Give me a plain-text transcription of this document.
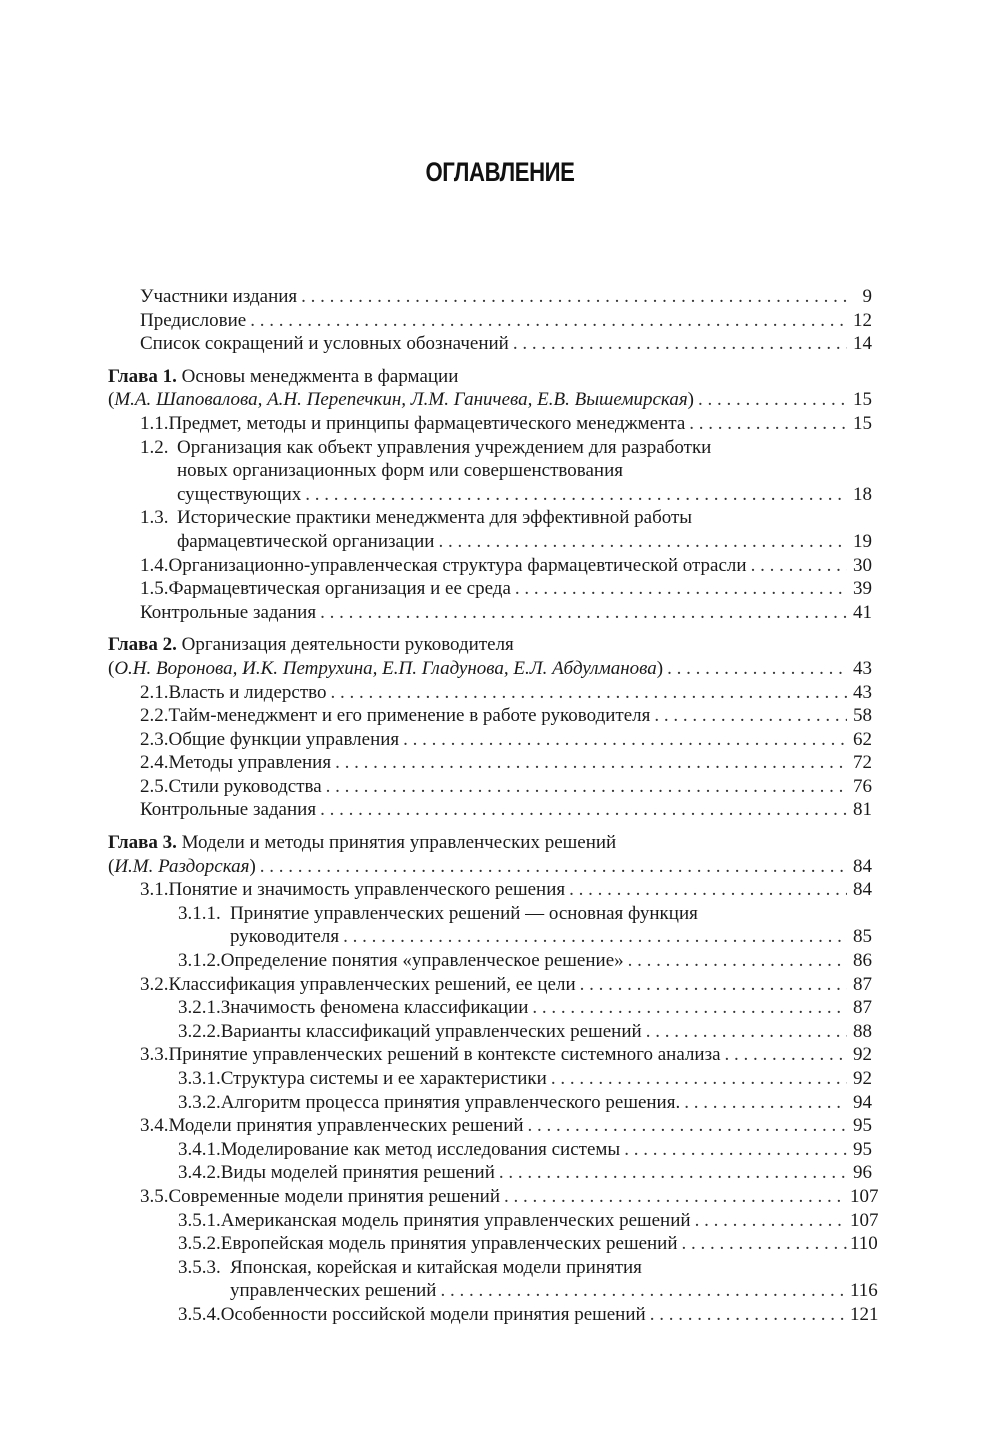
ОГЛАВЛЕНИЕ
Участники издания . . .	9
Предисловие . . .	12
Список сокращений и условных обозначений . . .	14
Глава 1.
Основы менеджмента в фармации
(М.А. Шаповалова, А.Н. Перепечкин, Л.М. Ганичева, Е.В. Вышемирская) . . .	15
1.1. Предмет, методы и принципы фармацевтического менеджмента . . .	15
1.2. Организация как объект управления учреждением для разработки
новых организационных форм или совершенствования
существующих . . .	18
1.3. Исторические практики менеджмента для эффективной работы
фармацевтической организации . . .	19
1.4. Организационно-управленческая структура фармацевтической отрасли . . .	30
1.5. Фармацевтическая организация и ее среда . . .	39
Контрольные задания . . .	41
Глава 2.
Организация деятельности руководителя
(О.Н. Воронова, И.К. Петрухина, Е.П. Гладунова, Е.Л. Абдулманова) . . .	43
2.1. Власть и лидерство . . .	43
2.2. Тайм-менеджмент и его применение в работе руководителя . . .	58
2.3. Общие функции управления . . .	62
2.4. Методы управления . . .	72
2.5. Стили руководства . . .	76
Контрольные задания . . .	81
Глава 3.
Модели и методы принятия управленческих решений
(И.М. Раздорская) . . .	84
3.1. Понятие и значимость управленческого решения . . .	84
3.1.1. Принятие управленческих решений — основная функция
руководителя . . .	85
3.1.2. Определение понятия «управленческое решение» . . .	86
3.2. Классификация управленческих решений, ее цели . . .	87
3.2.1. Значимость феномена классификации . . .	87
3.2.2. Варианты классификаций управленческих решений . . .	88
3.3. Принятие управленческих решений в контексте системного анализа . . .	92
3.3.1. Структура системы и ее характеристики . . .	92
3.3.2. Алгоритм процесса принятия управленческого решения. . . .	94
3.4. Модели принятия управленческих решений . . .	95
3.4.1. Моделирование как метод исследования системы . . .	95
3.4.2. Виды моделей принятия решений . . .	96
3.5. Современные модели принятия решений . . .	107
3.5.1. Американская модель принятия управленческих решений . . .	107
3.5.2. Европейская модель принятия управленческих решений . . .	110
3.5.3. Японская, корейская и китайская модели принятия
управленческих решений . . .	116
3.5.4. Особенности российской модели принятия решений . . .	121
